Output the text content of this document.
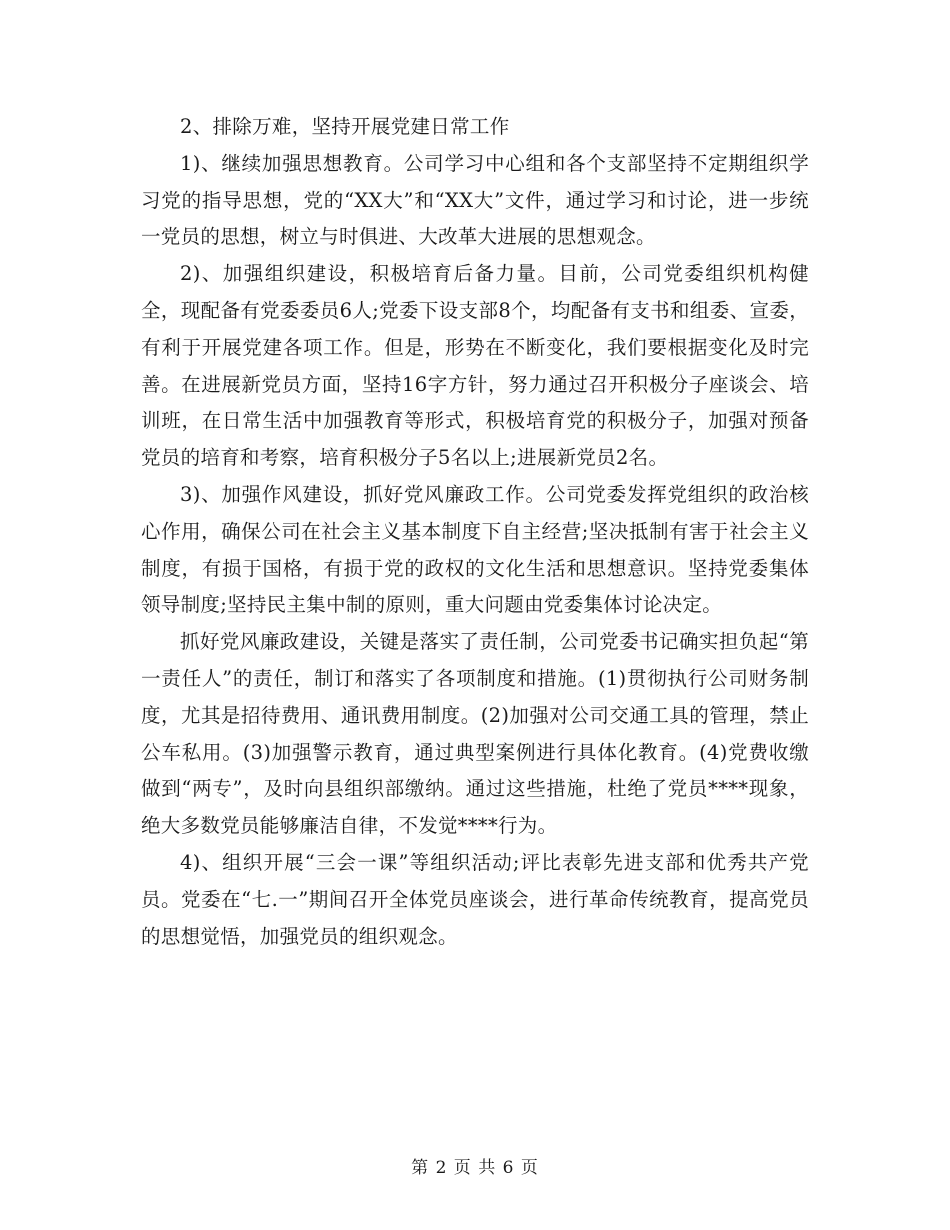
2、排除万难，坚持开展党建日常工作

1)、继续加强思想教育。公司学习中心组和各个支部坚持不定期组织学习党的指导思想，党的“XX大”和“XX大”文件，通过学习和讨论，进一步统一党员的思想，树立与时俱进、大改革大进展的思想观念。

2)、加强组织建设，积极培育后备力量。目前，公司党委组织机构健全，现配备有党委委员6人;党委下设支部8个，均配备有支书和组委、宣委，有利于开展党建各项工作。但是，形势在不断变化，我们要根据变化及时完善。在进展新党员方面，坚持16字方针，努力通过召开积极分子座谈会、培训班，在日常生活中加强教育等形式，积极培育党的积极分子，加强对预备党员的培育和考察，培育积极分子5名以上;进展新党员2名。

3)、加强作风建设，抓好党风廉政工作。公司党委发挥党组织的政治核心作用，确保公司在社会主义基本制度下自主经营;坚决抵制有害于社会主义制度，有损于国格，有损于党的政权的文化生活和思想意识。坚持党委集体领导制度;坚持民主集中制的原则，重大问题由党委集体讨论决定。

抓好党风廉政建设，关键是落实了责任制，公司党委书记确实担负起“第一责任人”的责任，制订和落实了各项制度和措施。(1)贯彻执行公司财务制度，尤其是招待费用、通讯费用制度。(2)加强对公司交通工具的管理，禁止公车私用。(3)加强警示教育，通过典型案例进行具体化教育。(4)党费收缴做到“两专”，及时向县组织部缴纳。通过这些措施，杜绝了党员****现象，绝大多数党员能够廉洁自律，不发觉****行为。

4)、组织开展“三会一课”等组织活动;评比表彰先进支部和优秀共产党员。党委在“七.一”期间召开全体党员座谈会，进行革命传统教育，提高党员的思想觉悟，加强党员的组织观念。

第 2 页 共 6 页
